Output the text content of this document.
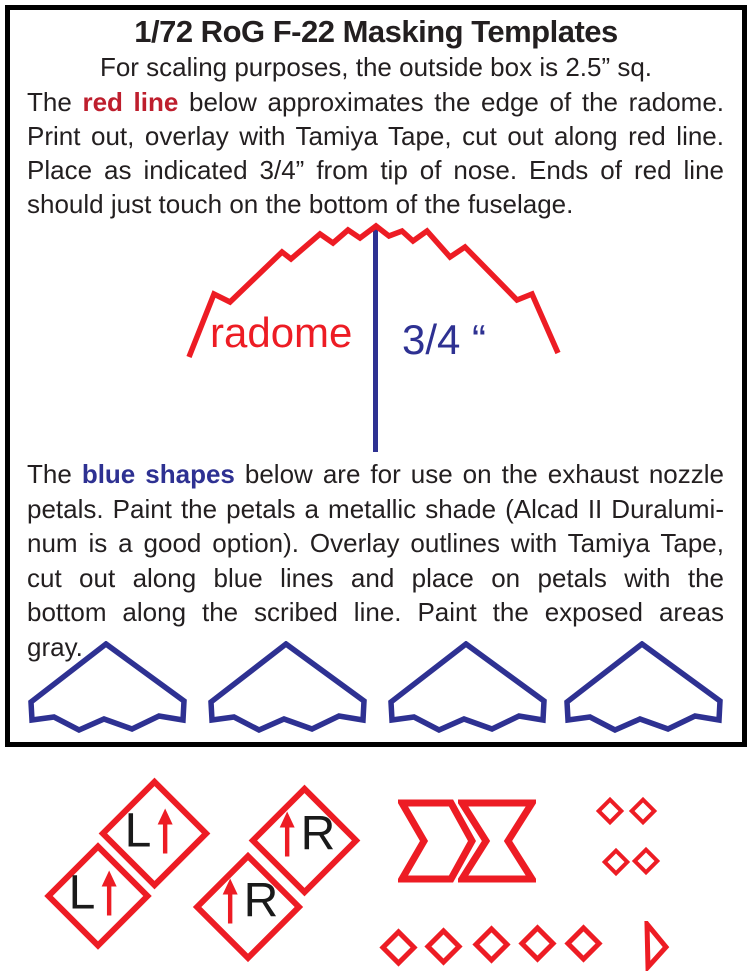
1/72 RoG F-22 Masking Templates
For scaling purposes, the outside box is 2.5” sq.
The red line below approximates the edge of the radome.
Print out, overlay with Tamiya Tape, cut out along red line.
Place as indicated 3/4” from tip of nose. Ends of red line
should just touch on the bottom of the fuselage.
radome 3/4 “
The blue shapes below are for use on the exhaust nozzle
petals. Paint the petals a metallic shade (Alcad II Duralumi-
num is a good option). Overlay outlines with Tamiya Tape,
cut out along blue lines and place on petals with the
bottom along the scribed line. Paint the exposed areas
gray.
L
L
R
R
